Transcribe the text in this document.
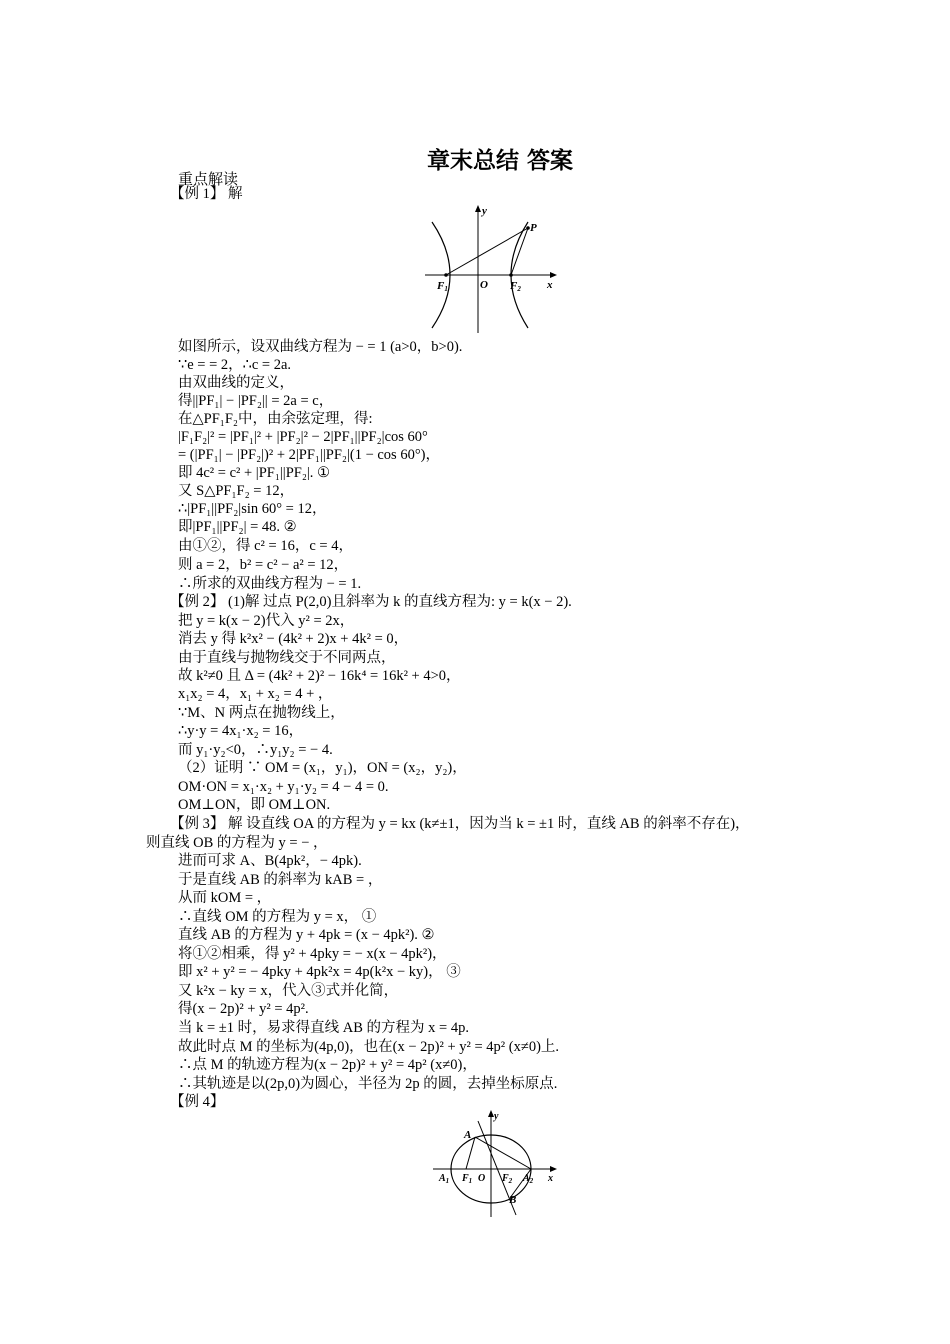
章末总结 答案
重点解读
y
x
P
O
F1	F2
【例 1】 解
如图所示，设双曲线方程为 − = 1 (a>0，b>0).
∵e = = 2，∴c = 2a.
由双曲线的定义，
得||PF₁| − |PF₂|| = 2a = c，
在△PF₁F₂中，由余弦定理，得:
|F₁F₂|² = |PF₁|² + |PF₂|² − 2|PF₁||PF₂|cos 60°
= (|PF₁| − |PF₂|)² + 2|PF₁||PF₂|(1 − cos 60°)，
即 4c² = c² + |PF₁||PF₂|. ①
又 S△PF₁F₂ = 12，
∴|PF₁||PF₂|sin 60° = 12，
即|PF₁||PF₂| = 48. ②
由①②，得 c² = 16，c = 4，
则 a = 2，b² = c² − a² = 12，
∴所求的双曲线方程为 − = 1.
【例 2】 (1)解 过点 P(2,0)且斜率为 k 的直线方程为: y = k(x − 2).
把 y = k(x − 2)代入 y² = 2x，
消去 y 得 k²x² − (4k² + 2)x + 4k² = 0，
由于直线与抛物线交于不同两点，
故 k²≠0 且 Δ = (4k² + 2)² − 16k⁴ = 16k² + 4>0，
x₁x₂ = 4，x₁ + x₂ = 4 + ，
∵M、N 两点在抛物线上，
∴y·y = 4x₁·x₂ = 16，
而 y₁·y₂<0，∴y₁y₂ = − 4.
（2）证明 ∵ OM = (x₁，y₁)，ON = (x₂，y₂)，
OM·ON = x₁·x₂ + y₁·y₂ = 4 − 4 = 0.
OM⊥ON，即 OM⊥ON.
【例 3】 解 设直线 OA 的方程为 y = kx (k≠±1，因为当 k = ±1 时，直线 AB 的斜率不存在)，
则直线 OB 的方程为 y = − ，
进而可求 A、B(4pk²，− 4pk).
于是直线 AB 的斜率为 kAB = ，
从而 kOM = ，
∴直线 OM 的方程为 y = x， ①
直线 AB 的方程为 y + 4pk = (x − 4pk²). ②
将①②相乘，得 y² + 4pky = − x(x − 4pk²)，
即 x² + y² = − 4pky + 4pk²x = 4p(k²x − ky)， ③
又 k²x − ky = x，代入③式并化简，
得(x − 2p)² + y² = 4p².
当 k = ±1 时，易求得直线 AB 的方程为 x = 4p.
故此时点 M 的坐标为(4p,0)，也在(x − 2p)² + y² = 4p² (x≠0)上.
∴点 M 的轨迹方程为(x − 2p)² + y² = 4p² (x≠0)，
∴其轨迹是以(2p,0)为圆心，半径为 2p 的圆，去掉坐标原点.
【例 4】
y
x
A
B
O
$A_1$ $F_1$	$F_2$ $A_2$
